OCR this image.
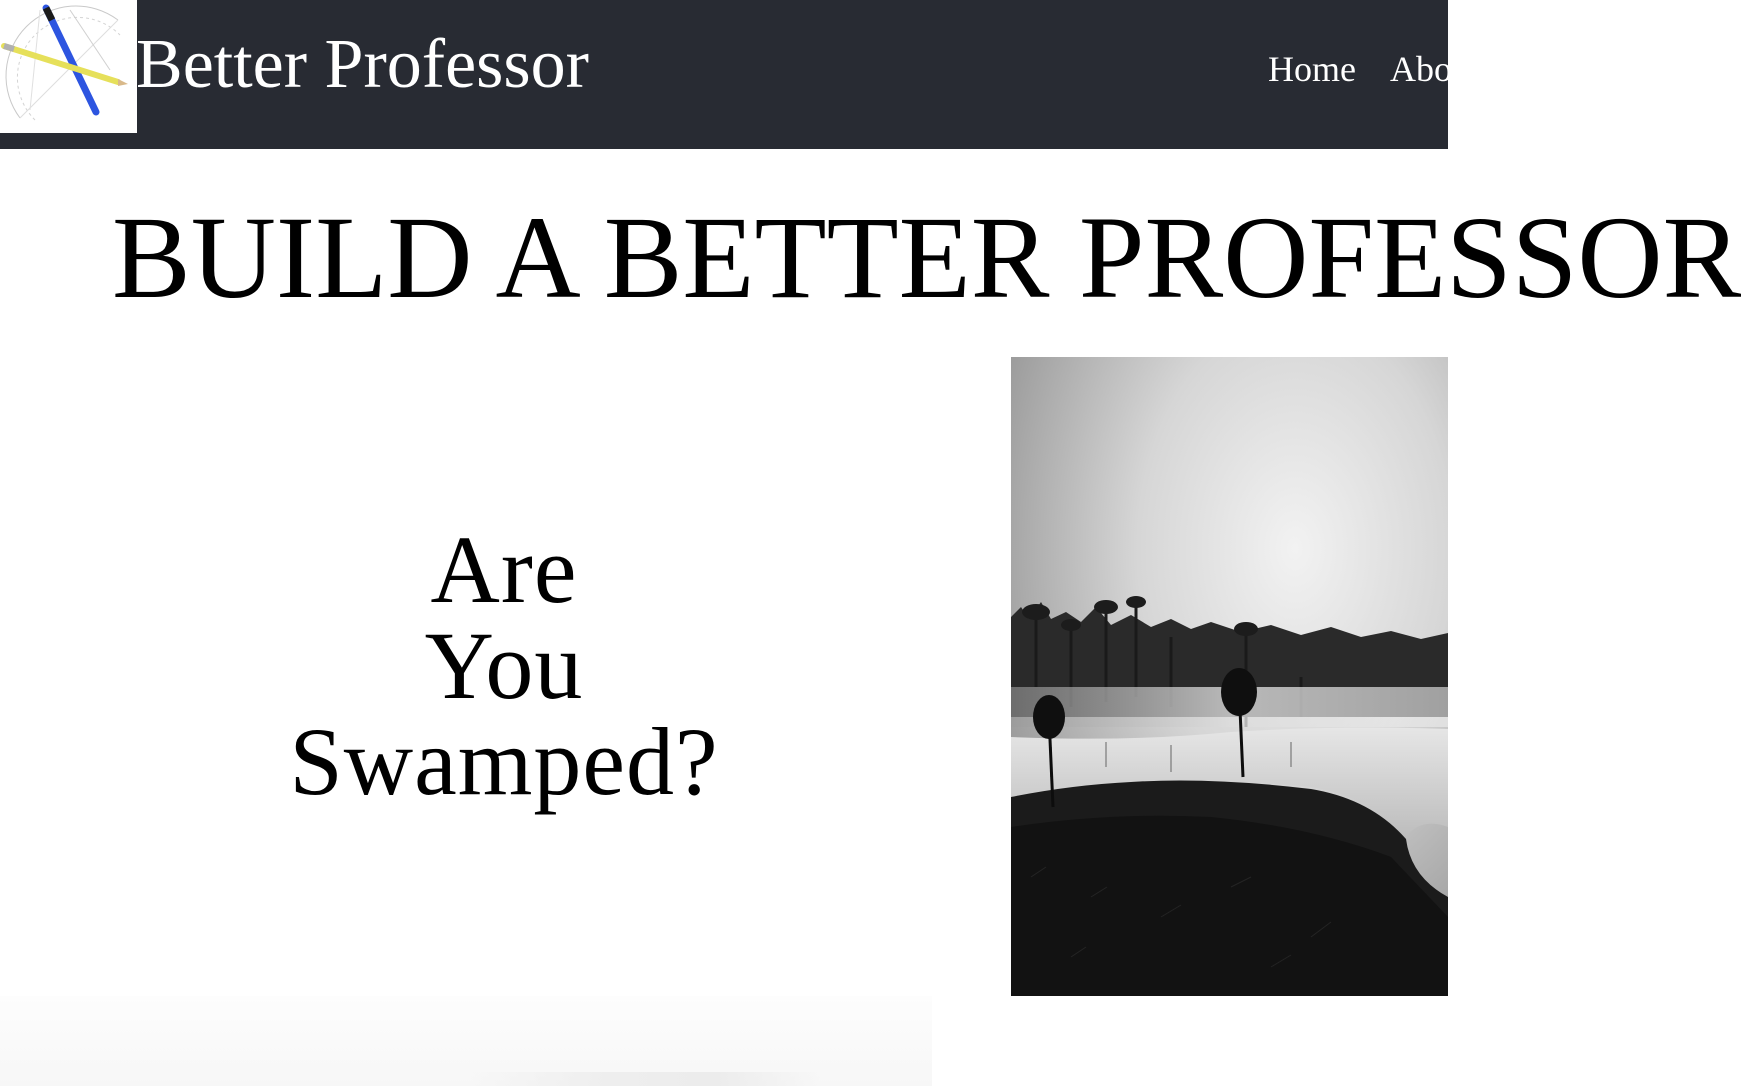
Better Professor	Home About
BUILD A BETTER PROFESSOR
Are
You
Swamped?
